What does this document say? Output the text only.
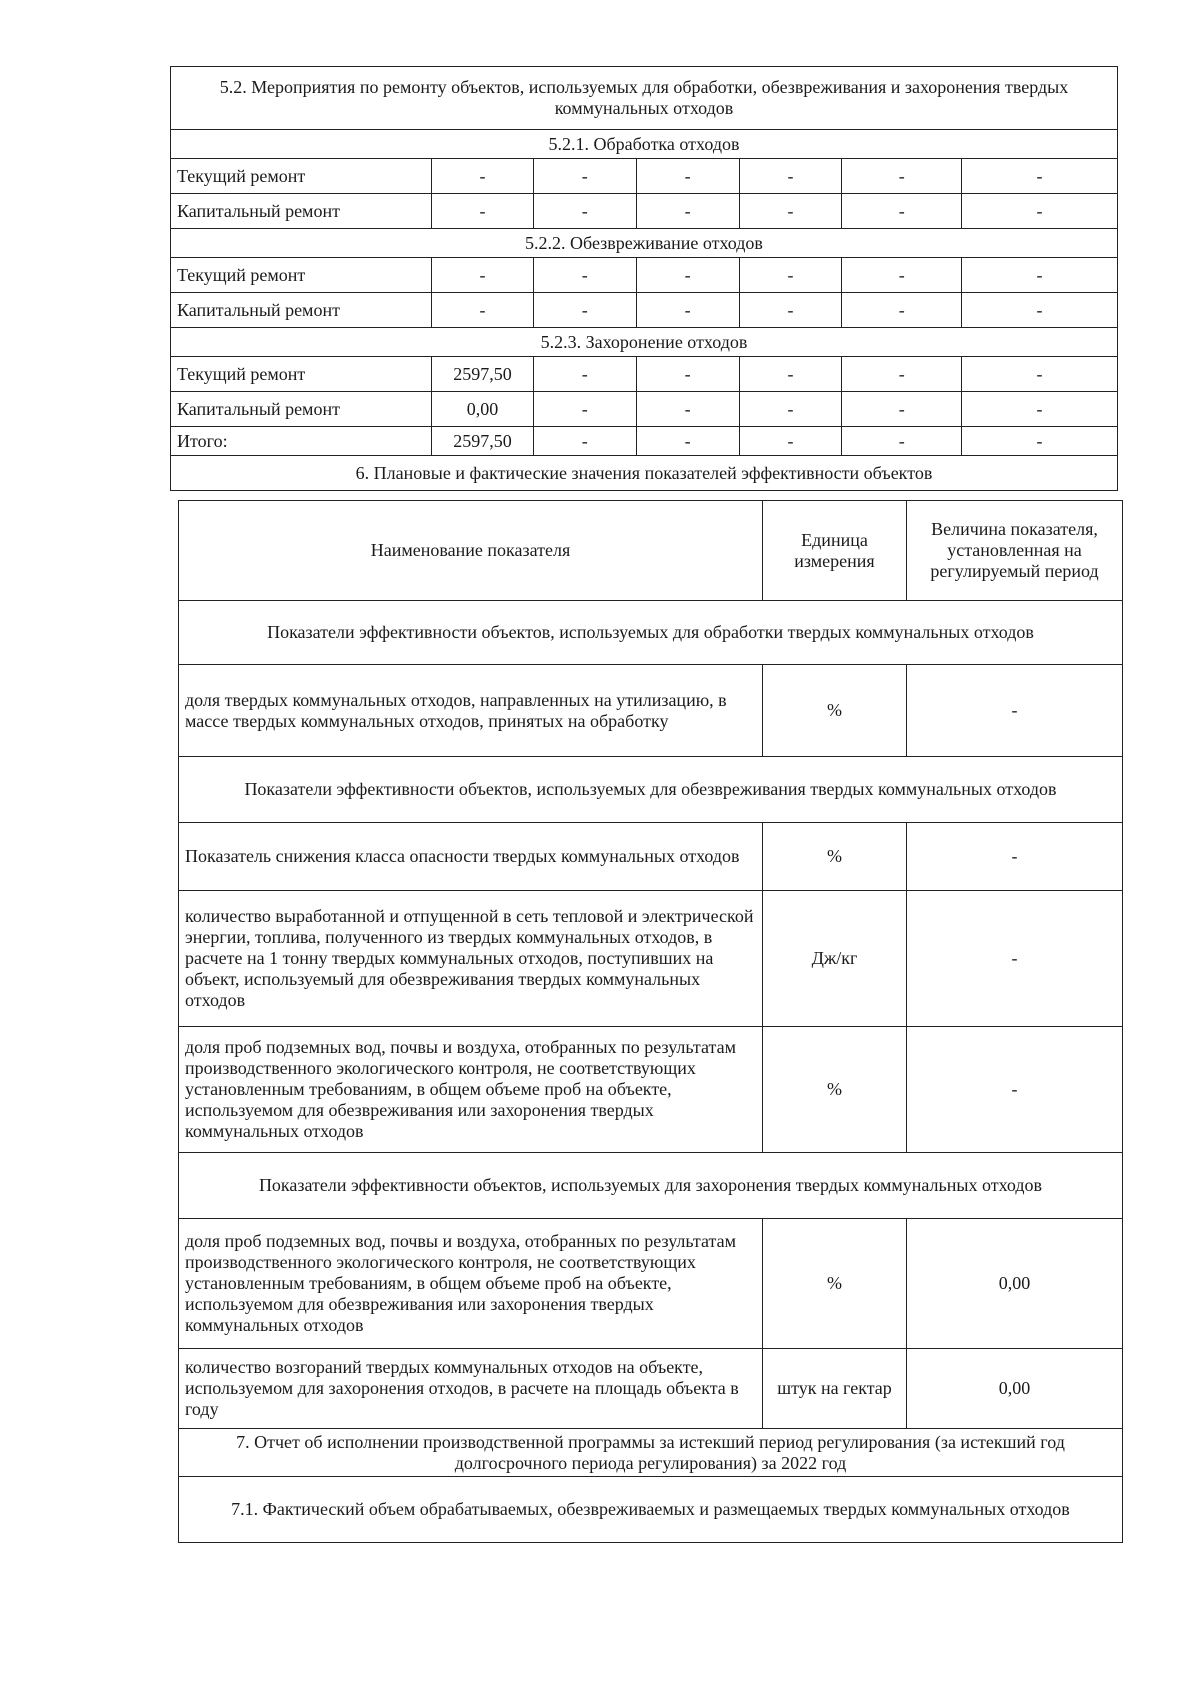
5.2. Мероприятия по ремонту объектов, используемых для обработки, обезвреживания и захоронения твердых коммунальных отходов						
5.2.1. Обработка отходов						
Текущий ремонт	-	-	-	-	-	-
Капитальный ремонт	-	-	-	-	-	-
5.2.2. Обезвреживание отходов						
Текущий ремонт	-	-	-	-	-	-
Капитальный ремонт	-	-	-	-	-	-
5.2.3. Захоронение отходов						
Текущий ремонт	2597,50	-	-	-	-	-
Капитальный ремонт	0,00	-	-	-	-	-
Итого:	2597,50	-	-	-	-	-
6. Плановые и фактические значения показателей эффективности объектов						
Наименование показателя	Единица измерения	Величина показателя, установленная на регулируемый период
Показатели эффективности объектов, используемых для обработки твердых коммунальных отходов		
доля твердых коммунальных отходов, направленных на утилизацию, в массе твердых коммунальных отходов, принятых на обработку	%	-
Показатели эффективности объектов, используемых для обезвреживания твердых коммунальных отходов		
Показатель снижения класса опасности твердых коммунальных отходов	%	-
количество выработанной и отпущенной в сеть тепловой и электрической энергии, топлива, полученного из твердых коммунальных отходов, в расчете на 1 тонну твердых коммунальных отходов, поступивших на объект, используемый для обезвреживания твердых коммунальных отходов	Дж/кг	-
доля проб подземных вод, почвы и воздуха, отобранных по результатам производственного экологического контроля, не соответствующих установленным требованиям, в общем объеме проб на объекте, используемом для обезвреживания или захоронения твердых коммунальных отходов	%	-
Показатели эффективности объектов, используемых для захоронения твердых коммунальных отходов		
доля проб подземных вод, почвы и воздуха, отобранных по результатам производственного экологического контроля, не соответствующих установленным требованиям, в общем объеме проб на объекте, используемом для обезвреживания или захоронения твердых коммунальных отходов	%	0,00
количество возгораний твердых коммунальных отходов на объекте, используемом для захоронения отходов, в расчете на площадь объекта в году	штук на гектар	0,00
7. Отчет об исполнении производственной программы за истекший период регулирования (за истекший год долгосрочного периода регулирования) за 2022 год		
7.1. Фактический объем обрабатываемых, обезвреживаемых и размещаемых твердых коммунальных отходов		
